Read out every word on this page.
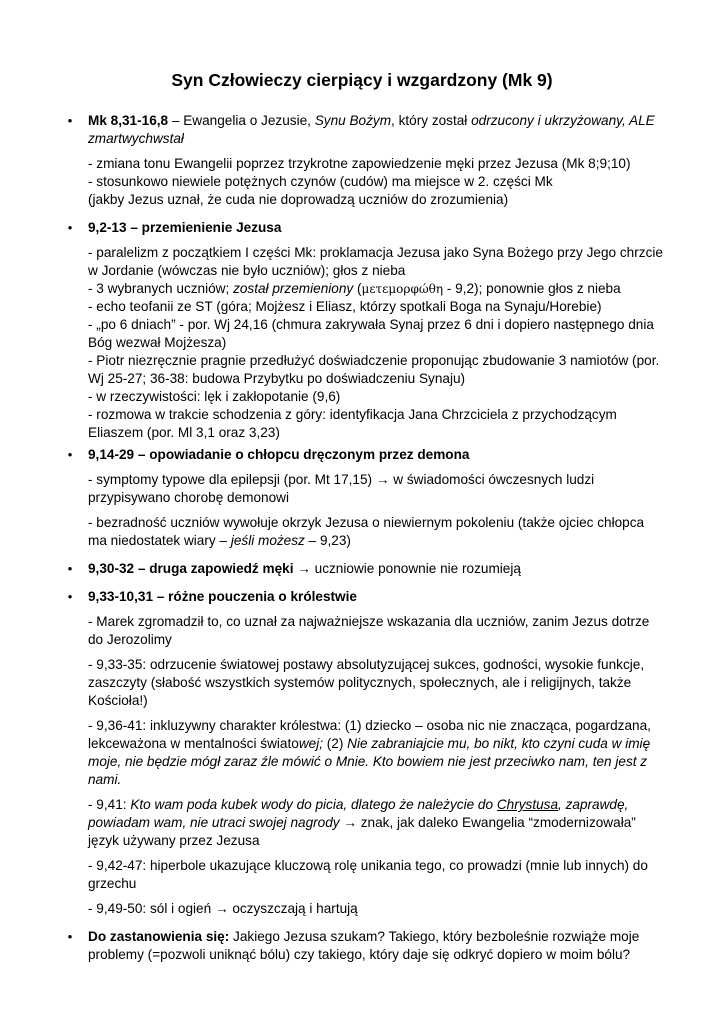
Syn Człowieczy cierpiący i wzgardzony (Mk 9)
•	Mk 8,31-16,8 – Ewangelia o Jezusie, Synu Bożym, który został odrzucony i ukrzyżowany, ALE zmartwychwstał

- zmiana tonu Ewangelii poprzez trzykrotne zapowiedzenie męki przez Jezusa (Mk 8;9;10)
- stosunkowo niewiele potężnych czynów (cudów) ma miejsce w 2. części Mk
(jakby Jezus uznał, że cuda nie doprowadzą uczniów do zrozumienia)

•	9,2-13 – przemienienie Jezusa

- paralelizm z początkiem I części Mk: proklamacja Jezusa jako Syna Bożego przy Jego chrzcie w Jordanie (wówczas nie było uczniów); głos z nieba
- 3 wybranych uczniów; został przemieniony (μετεμορφώθη - 9,2); ponownie głos z nieba
- echo teofanii ze ST (góra; Mojżesz i Eliasz, którzy spotkali Boga na Synaju/Horebie)
- „po 6 dniach” - por. Wj 24,16 (chmura zakrywała Synaj przez 6 dni i dopiero następnego dnia Bóg wezwał Mojżesza)
- Piotr niezręcznie pragnie przedłużyć doświadczenie proponując zbudowanie 3 namiotów (por. Wj 25-27; 36-38: budowa Przybytku po doświadczeniu Synaju)
- w rzeczywistości: lęk i zakłopotanie (9,6)
- rozmowa w trakcie schodzenia z góry: identyfikacja Jana Chrzciciela z przychodzącym Eliaszem (por. Ml 3,1 oraz 3,23)

•	9,14-29 – opowiadanie o chłopcu dręczonym przez demona

- symptomy typowe dla epilepsji (por. Mt 17,15) → w świadomości ówczesnych ludzi przypisywano chorobę demonowi

- bezradność uczniów wywołuje okrzyk Jezusa o niewiernym pokoleniu (także ojciec chłopca ma niedostatek wiary – jeśli możesz – 9,23)

•	9,30-32 – druga zapowiedź męki → uczniowie ponownie nie rozumieją

•	9,33-10,31 – różne pouczenia o królestwie

- Marek zgromadził to, co uznał za najważniejsze wskazania dla uczniów, zanim Jezus dotrze do Jerozolimy

- 9,33-35: odrzucenie światowej postawy absolutyzującej sukces, godności, wysokie funkcje, zaszczyty (słabość wszystkich systemów politycznych, społecznych, ale i religijnych, także Kościoła!)

- 9,36-41: inkluzywny charakter królestwa: (1) dziecko – osoba nic nie znacząca, pogardzana, lekceważona w mentalności światowej; (2) Nie zabraniajcie mu, bo nikt, kto czyni cuda w imię moje, nie będzie mógł zaraz źle mówić o Mnie. Kto bowiem nie jest przeciwko nam, ten jest z nami.

- 9,41: Kto wam poda kubek wody do picia, dlatego że należycie do Chrystusa, zaprawdę, powiadam wam, nie utraci swojej nagrody → znak, jak daleko Ewangelia “zmodernizowała” język używany przez Jezusa

- 9,42-47: hiperbole ukazujące kluczową rolę unikania tego, co prowadzi (mnie lub innych) do grzechu

- 9,49-50: sól i ogień → oczyszczają i hartują

•	Do zastanowienia się: Jakiego Jezusa szukam? Takiego, który bezboleśnie rozwiąże moje problemy (=pozwoli uniknąć bólu) czy takiego, który daje się odkryć dopiero w moim bólu?
